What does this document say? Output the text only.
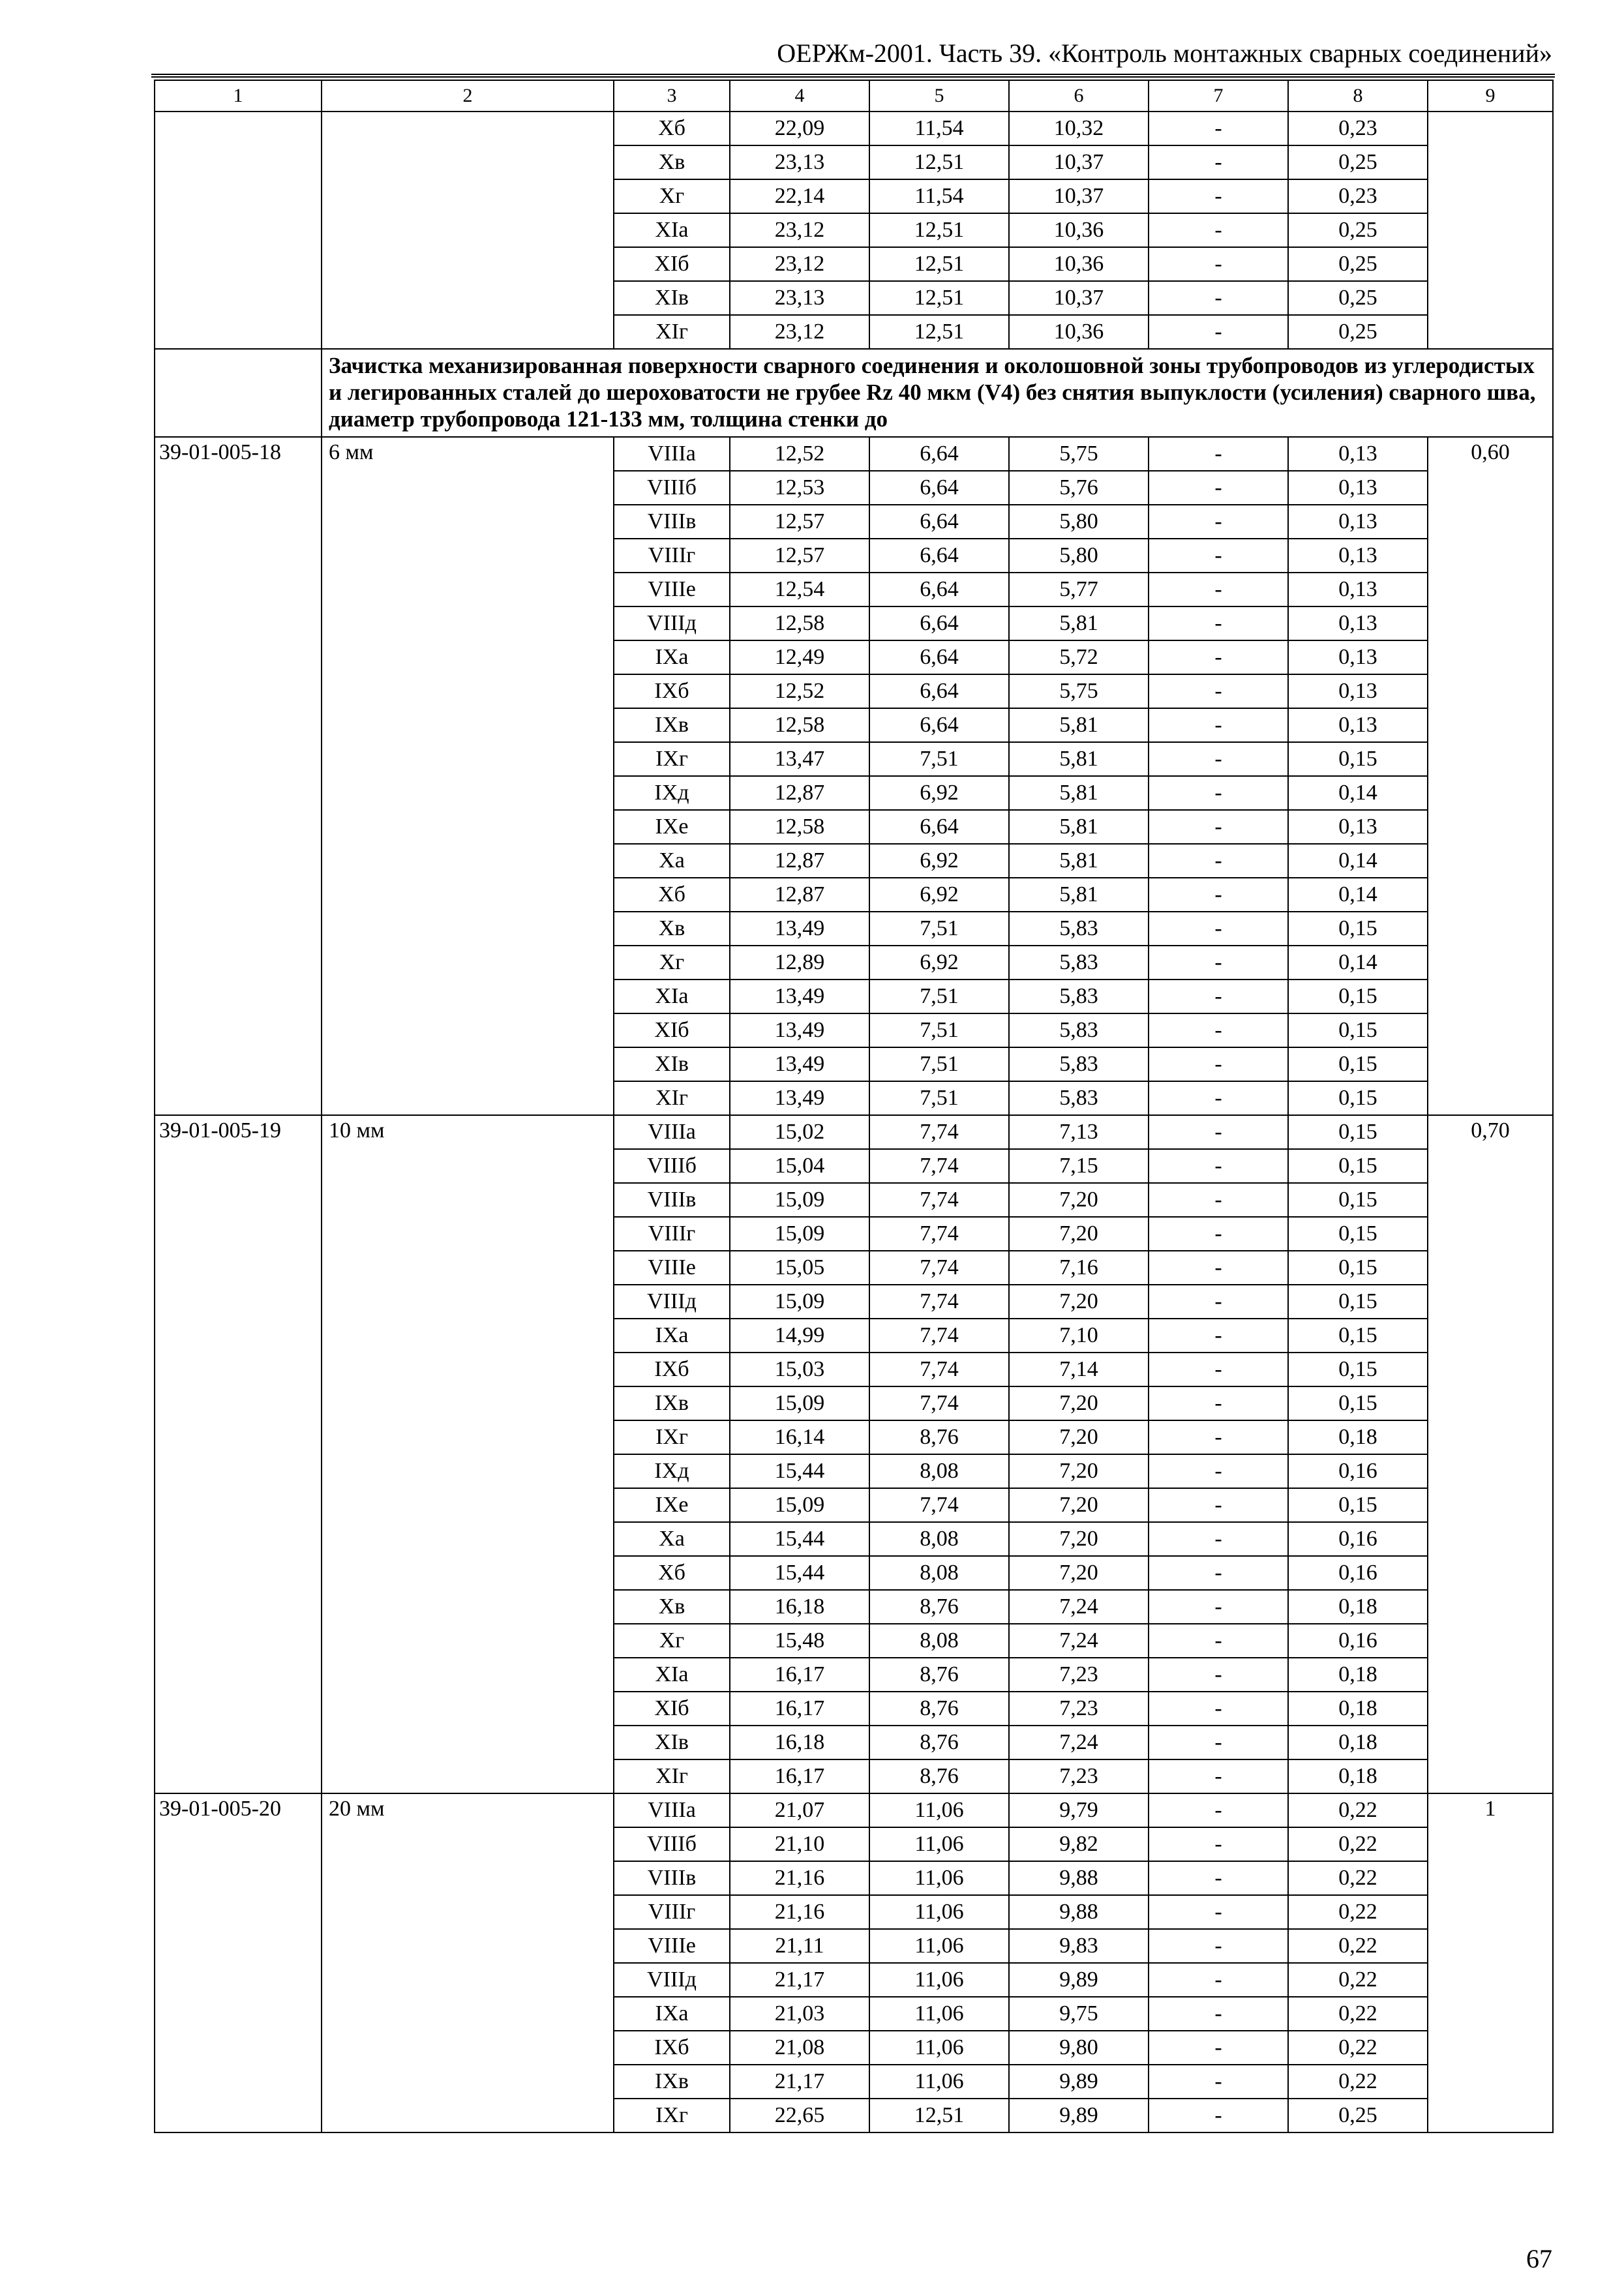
ОЕРЖм-2001. Часть 39. «Контроль монтажных сварных соединений»
1	2	3	4	5	6	7	8	9
		Xб	22,09	11,54	10,32	-	0,23	
		Xв	23,13	12,51	10,37	-	0,25	
		Xг	22,14	11,54	10,37	-	0,23	
		XIа	23,12	12,51	10,36	-	0,25	
		XIб	23,12	12,51	10,36	-	0,25	
		XIв	23,13	12,51	10,37	-	0,25	
		XIг	23,12	12,51	10,36	-	0,25	
	Зачистка механизированная поверхности сварного соединения и околошовной зоны трубопроводов из углеродистых и легированных сталей до шероховатости не грубее Rz 40 мкм (V4) без снятия выпуклости (усиления) сварного шва, диаметр трубопровода 121-133 мм, толщина стенки до							
39-01-005-18	6 мм	VIIIа	12,52	6,64	5,75	-	0,13	0,60
		VIIIб	12,53	6,64	5,76	-	0,13	
		VIIIв	12,57	6,64	5,80	-	0,13	
		VIIIг	12,57	6,64	5,80	-	0,13	
		VIIIе	12,54	6,64	5,77	-	0,13	
		VIIIд	12,58	6,64	5,81	-	0,13	
		IXа	12,49	6,64	5,72	-	0,13	
		IXб	12,52	6,64	5,75	-	0,13	
		IXв	12,58	6,64	5,81	-	0,13	
		IXг	13,47	7,51	5,81	-	0,15	
		IXд	12,87	6,92	5,81	-	0,14	
		IXе	12,58	6,64	5,81	-	0,13	
		Xа	12,87	6,92	5,81	-	0,14	
		Xб	12,87	6,92	5,81	-	0,14	
		Xв	13,49	7,51	5,83	-	0,15	
		Xг	12,89	6,92	5,83	-	0,14	
		XIа	13,49	7,51	5,83	-	0,15	
		XIб	13,49	7,51	5,83	-	0,15	
		XIв	13,49	7,51	5,83	-	0,15	
		XIг	13,49	7,51	5,83	-	0,15	
39-01-005-19	10 мм	VIIIа	15,02	7,74	7,13	-	0,15	0,70
		VIIIб	15,04	7,74	7,15	-	0,15	
		VIIIв	15,09	7,74	7,20	-	0,15	
		VIIIг	15,09	7,74	7,20	-	0,15	
		VIIIе	15,05	7,74	7,16	-	0,15	
		VIIIд	15,09	7,74	7,20	-	0,15	
		IXа	14,99	7,74	7,10	-	0,15	
		IXб	15,03	7,74	7,14	-	0,15	
		IXв	15,09	7,74	7,20	-	0,15	
		IXг	16,14	8,76	7,20	-	0,18	
		IXд	15,44	8,08	7,20	-	0,16	
		IXе	15,09	7,74	7,20	-	0,15	
		Xа	15,44	8,08	7,20	-	0,16	
		Xб	15,44	8,08	7,20	-	0,16	
		Xв	16,18	8,76	7,24	-	0,18	
		Xг	15,48	8,08	7,24	-	0,16	
		XIа	16,17	8,76	7,23	-	0,18	
		XIб	16,17	8,76	7,23	-	0,18	
		XIв	16,18	8,76	7,24	-	0,18	
		XIг	16,17	8,76	7,23	-	0,18	
39-01-005-20	20 мм	VIIIа	21,07	11,06	9,79	-	0,22	1
		VIIIб	21,10	11,06	9,82	-	0,22	
		VIIIв	21,16	11,06	9,88	-	0,22	
		VIIIг	21,16	11,06	9,88	-	0,22	
		VIIIе	21,11	11,06	9,83	-	0,22	
		VIIIд	21,17	11,06	9,89	-	0,22	
		IXа	21,03	11,06	9,75	-	0,22	
		IXб	21,08	11,06	9,80	-	0,22	
		IXв	21,17	11,06	9,89	-	0,22	
		IXг	22,65	12,51	9,89	-	0,25	
67
